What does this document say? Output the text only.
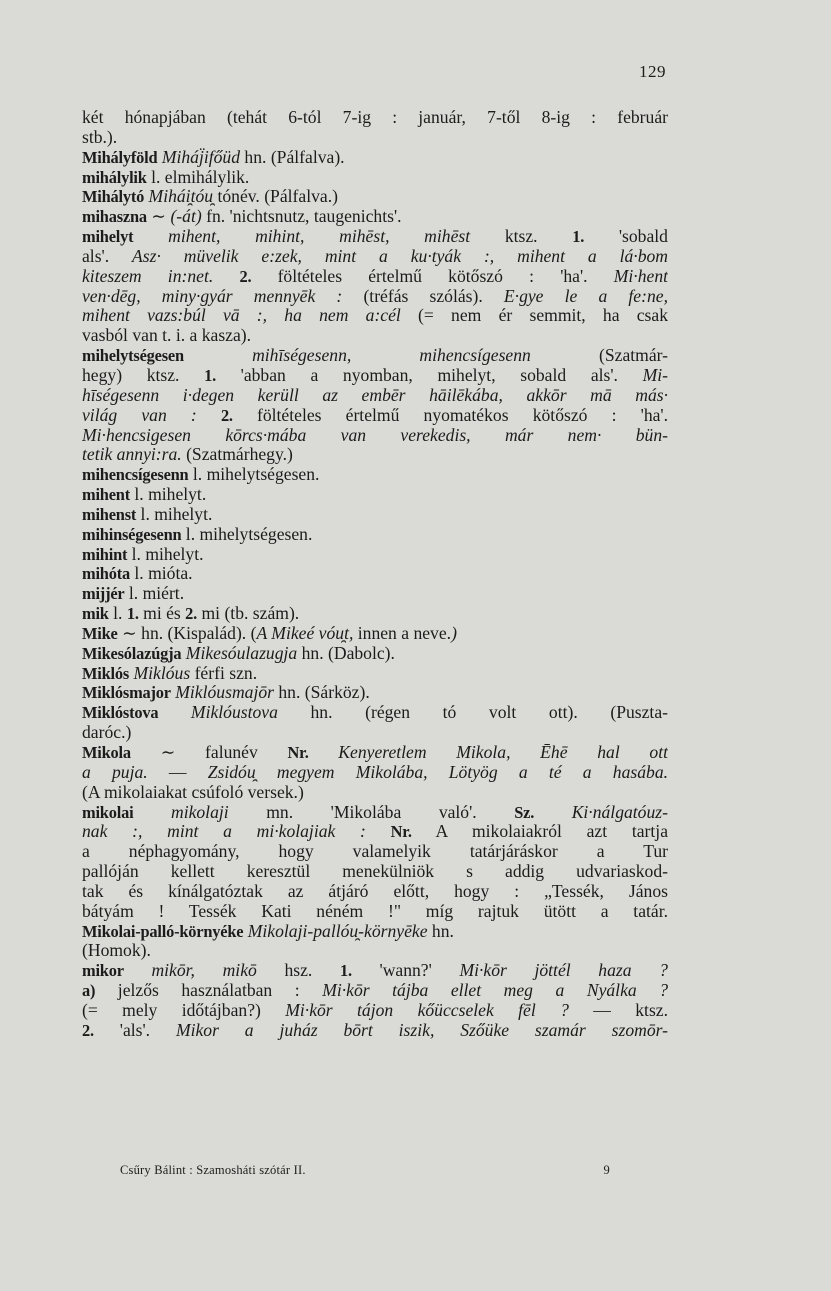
129
két hónapjában (tehát 6-tól 7-ig : január, 7-től 8-ig : február
stb.).
Mihályföld Miháj̈ifőüd hn. (Pálfalva).
mihálylik l. elmihálylik.
Mihálytó Mihái̯tóu̯ tónév. (Pálfalva.)
mihaszna ∼ (-át) fn. 'nichtsnutz, taugenichts'.
mihelyt mihent, mihint, mihēst, mihēst ktsz. 1. 'sobald
als'. Asz· müvelik e:zek, mint a ku·tyák :, mihent a lá·bom
kiteszem in:net. 2. föltételes értelmű kötőszó : 'ha'. Mi·hent
ven·dēg, miny·gyár mennyēk : (tréfás szólás). E·gye le a fe:ne,
mihent vazs:búl vā :, ha nem a:cél (= nem ér semmit, ha csak
vasból van t. i. a kasza).
mihelytségesen	mihīségesenn, mihencsígesenn (Szatmár-
hegy) ktsz. 1. 'abban a nyomban, mihelyt, sobald als'. Mi-
hīségesenn i·degen kerüll az embēr hāilēkába, akkōr mā más·
világ van : 2. föltételes értelmű nyomatékos kötőszó : 'ha'.
Mi·hencsigesen kōrcs·mába van verekedis, már nem· bün-
tetik annyi:ra. (Szatmárhegy.)
mihencsígesenn l. mihelytségesen.
mihent l. mihelyt.
mihenst l. mihelyt.
mihinségesenn l. mihelytségesen.
mihint l. mihelyt.
mihóta l. mióta.
mijjér l. miért.
mik l. 1. mi és 2. mi (tb. szám).
Mike ∼ hn. (Kispalád). (A Mikeé vóu̯t, innen a neve.)
Mikesólazúgja Mikesóulazugja hn. (Dabolc).
Miklós Miklóus férfi szn.
Miklósmajor Miklóusmajōr hn. (Sárköz).
Miklóstova Miklóustova hn. (régen tó volt ott). (Puszta-
daróc.)
Mikola ∼ falunév Nr. Kenyeretlem Mikola, Ēhē hal ott
a puja. — Zsidóu̯ megyem Mikolába, Lötyög a té a hasába.
(A mikolaiakat csúfoló versek.)
mikolai mikolaji mn. 'Mikolába való'. Sz. Ki·nálgatóuz-
nak :, mint a mi·kolajiak : Nr. A mikolaiakról azt tartja
a néphagyomány, hogy valamelyik tatárjáráskor a Tur
pallóján kellett keresztül menekülniök s addig udvariaskod-
tak és kínálgatóztak az átjáró előtt, hogy : „Tessék, János
bátyám ! Tessék Kati néném !" míg rajtuk ütött a tatár.
Mikolai-palló-környéke Mikolaji-pallóu̯-környēke hn.
(Homok).
mikor mikōr, mikō hsz. 1. 'wann?' Mi·kōr jöttél haza ?
a) jelzős használatban : Mi·kōr tájba ellet meg a Nyálka ?
(= mely időtájban?) Mi·kōr tájon kőüccselek fēl ? — ktsz.
2. 'als'. Mikor a juház bōrt iszik, Szőüke szamár szomōr-
Csűry Bálint : Szamosháti szótár II.	9
